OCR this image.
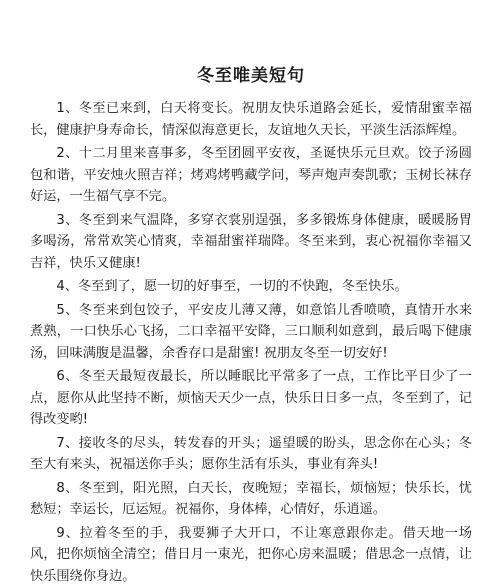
冬至唯美短句
1、冬至已来到，白天将变长。祝朋友快乐道路会延长，爱情甜蜜幸福长，健康护身寿命长，情深似海意更长，友谊地久天长，平淡生活添辉煌。
2、十二月里来喜事多，冬至团圆平安夜，圣诞快乐元旦欢。饺子汤圆包和谐，平安烛火照吉祥；烤鸡烤鸭藏学问，琴声炮声奏凯歌；玉树长袜存好运，一生福气享不完。
3、冬至到来气温降，多穿衣裳别逞强，多多锻炼身体健康，暖暖肠胃多喝汤，常常欢笑心情爽，幸福甜蜜祥瑞降。冬至来到，衷心祝福你幸福又吉祥，快乐又健康!
4、冬至到了，愿一切的好事至，一切的不快跑，冬至快乐。
5、冬至来到包饺子，平安皮儿薄又薄，如意馅儿香喷喷，真情开水来煮熟，一口快乐心飞扬，二口幸福平安降，三口顺利如意到，最后喝下健康汤，回味满腹是温馨，余香存口是甜蜜! 祝朋友冬至一切安好!
6、冬至天最短夜最长，所以睡眠比平常多了一点，工作比平日少了一点，愿你从此坚持不断，烦恼天天少一点，快乐日日多一点，冬至到了，记得改变哟!
7、接收冬的尽头，转发春的开头；遥望暖的盼头，思念你在心头；冬至大有来头，祝福送你手头；愿你生活有乐头，事业有奔头!
8、冬至到，阳光照，白天长，夜晚短；幸福长，烦恼短；快乐长，忧愁短；幸运长，厄运短。祝福你，身体棒，心情好，乐逍遥。
9、拉着冬至的手，我要狮子大开口，不让寒意跟你走。借天地一场风，把你烦恼全清空；借日月一束光，把你心房来温暖；借思念一点情，让快乐围绕你身边。
